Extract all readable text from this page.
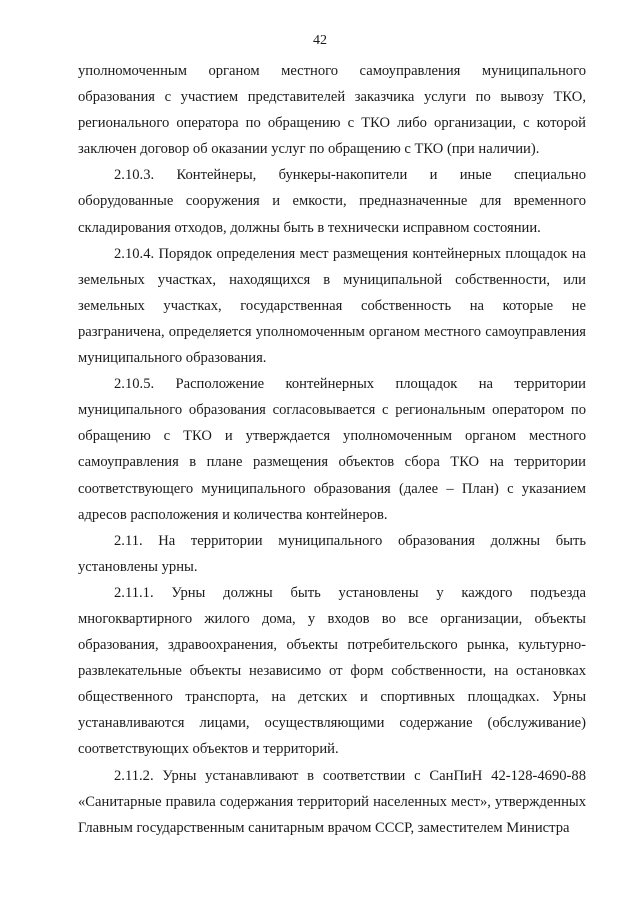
42

уполномоченным органом местного самоуправления муниципального образования с участием представителей заказчика услуги по вывозу ТКО, регионального оператора по обращению с ТКО либо организации, с которой заключен договор об оказании услуг по обращению с ТКО (при наличии).

2.10.3. Контейнеры, бункеры-накопители и иные специально оборудованные сооружения и емкости, предназначенные для временного складирования отходов, должны быть в технически исправном состоянии.

2.10.4. Порядок определения мест размещения контейнерных площадок на земельных участках, находящихся в муниципальной собственности, или земельных участках, государственная собственность на которые не разграничена, определяется уполномоченным органом местного самоуправления муниципального образования.

2.10.5. Расположение контейнерных площадок на территории муниципального образования согласовывается с региональным оператором по обращению с ТКО и утверждается уполномоченным органом местного самоуправления в плане размещения объектов сбора ТКО на территории соответствующего муниципального образования (далее – План) с указанием адресов расположения и количества контейнеров.

2.11. На территории муниципального образования должны быть установлены урны.

2.11.1. Урны должны быть установлены у каждого подъезда многоквартирного жилого дома, у входов во все организации, объекты образования, здравоохранения, объекты потребительского рынка, культурно-развлекательные объекты независимо от форм собственности, на остановках общественного транспорта, на детских и спортивных площадках. Урны устанавливаются лицами, осуществляющими содержание (обслуживание) соответствующих объектов и территорий.

2.11.2. Урны устанавливают в соответствии с СанПиН 42-128-4690-88 «Санитарные правила содержания территорий населенных мест», утвержденных Главным государственным санитарным врачом СССР, заместителем Министра
